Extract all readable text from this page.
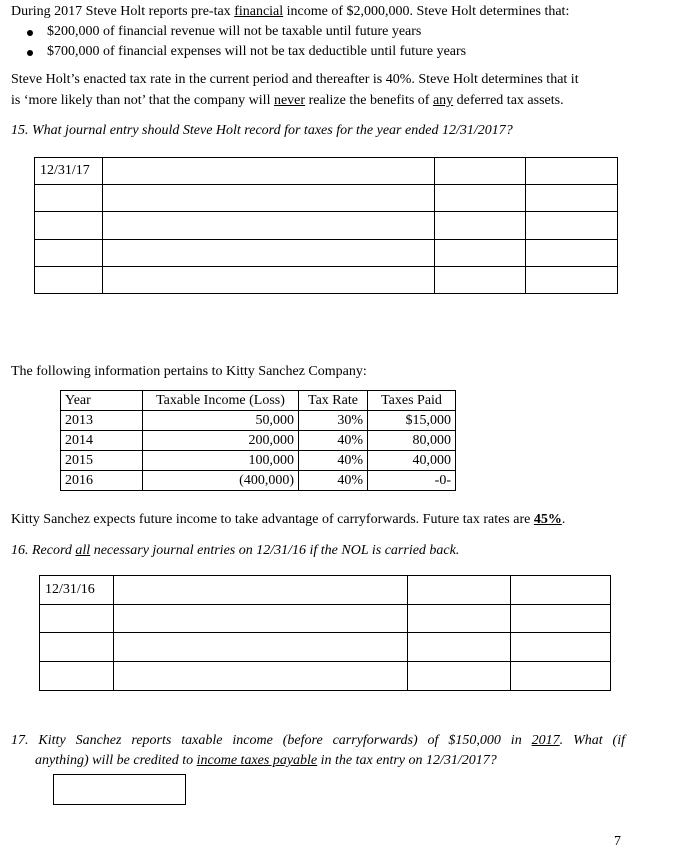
During 2017 Steve Holt reports pre-tax financial income of $2,000,000. Steve Holt determines that:
$200,000 of financial revenue will not be taxable until future years
$700,000 of financial expenses will not be tax deductible until future years
Steve Holt’s enacted tax rate in the current period and thereafter is 40%. Steve Holt determines that it
is ‘more likely than not’ that the company will never realize the benefits of any deferred tax assets.
15. What journal entry should Steve Holt record for taxes for the year ended 12/31/2017?
12/31/17			

The following information pertains to Kitty Sanchez Company:
Year	Taxable Income (Loss)	Tax Rate	Taxes Paid
2013	50,000	30%	$15,000
2014	200,000	40%	80,000
2015	100,000	40%	40,000
2016	(400,000)	40%	-0-
Kitty Sanchez expects future income to take advantage of carryforwards. Future tax rates are 45%.
16. Record all necessary journal entries on 12/31/16 if the NOL is carried back.
12/31/16			

17. Kitty Sanchez reports taxable income (before carryforwards) of $150,000 in 2017. What (if
anything) will be credited to income taxes payable in the tax entry on 12/31/2017?
7
